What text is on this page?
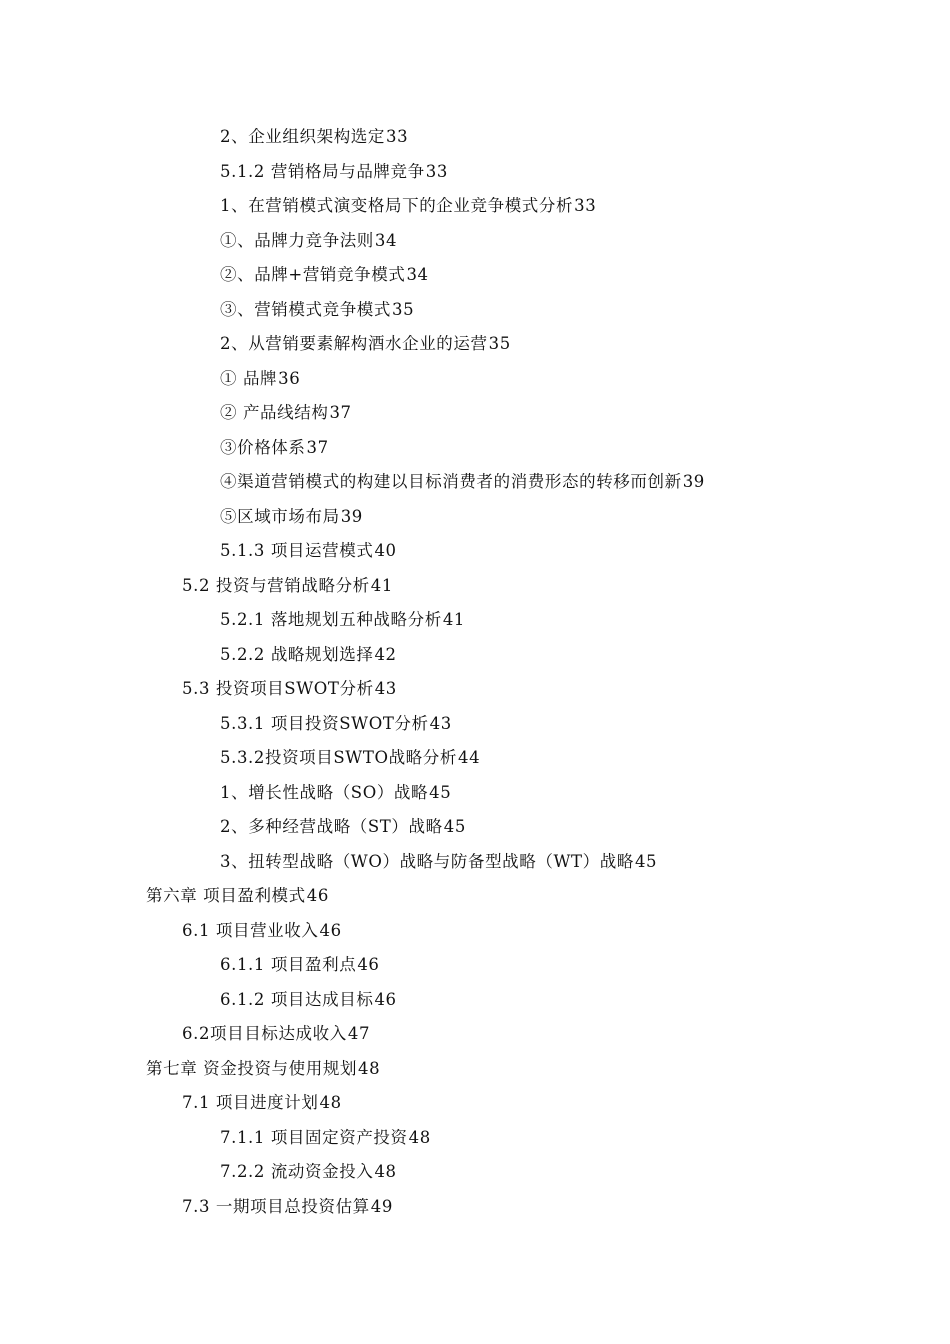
2、企业组织架构选定33
5.1.2 营销格局与品牌竞争33
1、在营销模式演变格局下的企业竞争模式分析33
①、品牌力竞争法则34
②、品牌+营销竞争模式34
③、营销模式竞争模式35
2、从营销要素解构酒水企业的运营35
① 品牌36
② 产品线结构37
③价格体系37
④渠道营销模式的构建以目标消费者的消费形态的转移而创新39
⑤区域市场布局39
5.1.3 项目运营模式40
5.2 投资与营销战略分析41
5.2.1 落地规划五种战略分析41
5.2.2 战略规划选择42
5.3 投资项目SWOT分析43
5.3.1 项目投资SWOT分析43
5.3.2投资项目SWTO战略分析44
1、增长性战略（SO）战略45
2、多种经营战略（ST）战略45
3、扭转型战略（WO）战略与防备型战略（WT）战略45
第六章 项目盈利模式46
6.1 项目营业收入46
6.1.1 项目盈利点46
6.1.2 项目达成目标46
6.2项目目标达成收入47
第七章 资金投资与使用规划48
7.1 项目进度计划48
7.1.1 项目固定资产投资48
7.2.2 流动资金投入48
7.3 一期项目总投资估算49
